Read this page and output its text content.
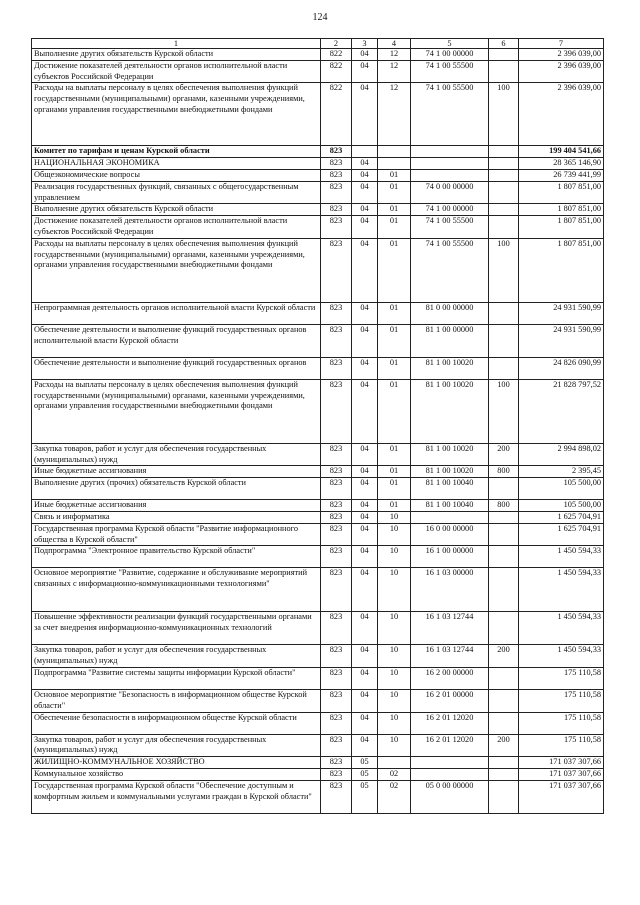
124
1	2	3	4	5	6	7
Выполнение других обязательств Курской области	822	04	12	74 1 00 00000		2 396 039,00
Достижение показателей деятельности органов исполнительной власти субъектов Российской Федерации	822	04	12	74 1 00 55500		2 396 039,00
Расходы на выплаты персоналу в целях обеспечения выполнения функций государственными (муниципальными) органами, казенными учреждениями, органами управления государственными внебюджетными фондами	822	04	12	74 1 00 55500	100	2 396 039,00
Комитет по тарифам и ценам Курской области	823					199 404 541,66
НАЦИОНАЛЬНАЯ ЭКОНОМИКА	823	04				28 365 146,90
Общеэкономические вопросы	823	04	01			26 739 441,99
Реализация государственных функций, связанных с общегосударственным управлением	823	04	01	74 0 00 00000		1 807 851,00
Выполнение других обязательств Курской области	823	04	01	74 1 00 00000		1 807 851,00
Достижение показателей деятельности органов исполнительной власти субъектов Российской Федерации	823	04	01	74 1 00 55500		1 807 851,00
Расходы на выплаты персоналу в целях обеспечения выполнения функций государственными (муниципальными) органами, казенными учреждениями, органами управления государственными внебюджетными фондами	823	04	01	74 1 00 55500	100	1 807 851,00
Непрограммная деятельность органов исполнительной власти Курской области	823	04	01	81 0 00 00000		24 931 590,99
Обеспечение деятельности и выполнение функций государственных органов исполнительной власти Курской области	823	04	01	81 1 00 00000		24 931 590,99
Обеспечение деятельности и выполнение функций государственных органов	823	04	01	81 1 00 10020		24 826 090,99
Расходы на выплаты персоналу в целях обеспечения выполнения функций государственными (муниципальными) органами, казенными учреждениями, органами управления государственными внебюджетными фондами	823	04	01	81 1 00 10020	100	21 828 797,52
Закупка товаров, работ и услуг для обеспечения государственных (муниципальных) нужд	823	04	01	81 1 00 10020	200	2 994 898,02
Иные бюджетные ассигнования	823	04	01	81 1 00 10020	800	2 395,45
Выполнение других (прочих) обязательств Курской области	823	04	01	81 1 00 10040		105 500,00
Иные бюджетные ассигнования	823	04	01	81 1 00 10040	800	105 500,00
Связь и информатика	823	04	10			1 625 704,91
Государственная программа Курской области "Развитие информационного общества в Курской области"	823	04	10	16 0 00 00000		1 625 704,91
Подпрограмма "Электронное правительство Курской области"	823	04	10	16 1 00 00000		1 450 594,33
Основное мероприятие "Развитие, содержание и обслуживание мероприятий связанных с информационно-коммуникационными технологиями"	823	04	10	16 1 03 00000		1 450 594,33
Повышение эффективности реализации функций государственными органами за счет внедрения информационно-коммуникационных технологий	823	04	10	16 1 03 12744		1 450 594,33
Закупка товаров, работ и услуг для обеспечения государственных (муниципальных) нужд	823	04	10	16 1 03 12744	200	1 450 594,33
Подпрограмма "Развитие системы защиты информации Курской области"	823	04	10	16 2 00 00000		175 110,58
Основное мероприятие "Безопасность в информационном обществе Курской области"	823	04	10	16 2 01 00000		175 110,58
Обеспечение безопасности в информационном обществе Курской области	823	04	10	16 2 01 12020		175 110,58
Закупка товаров, работ и услуг для обеспечения государственных (муниципальных) нужд	823	04	10	16 2 01 12020	200	175 110,58
ЖИЛИЩНО-КОММУНАЛЬНОЕ ХОЗЯЙСТВО	823	05				171 037 307,66
Коммунальное хозяйство	823	05	02			171 037 307,66
Государственная программа Курской области "Обеспечение доступным и комфортным жильем и коммунальными услугами граждан в Курской области"	823	05	02	05 0 00 00000		171 037 307,66
